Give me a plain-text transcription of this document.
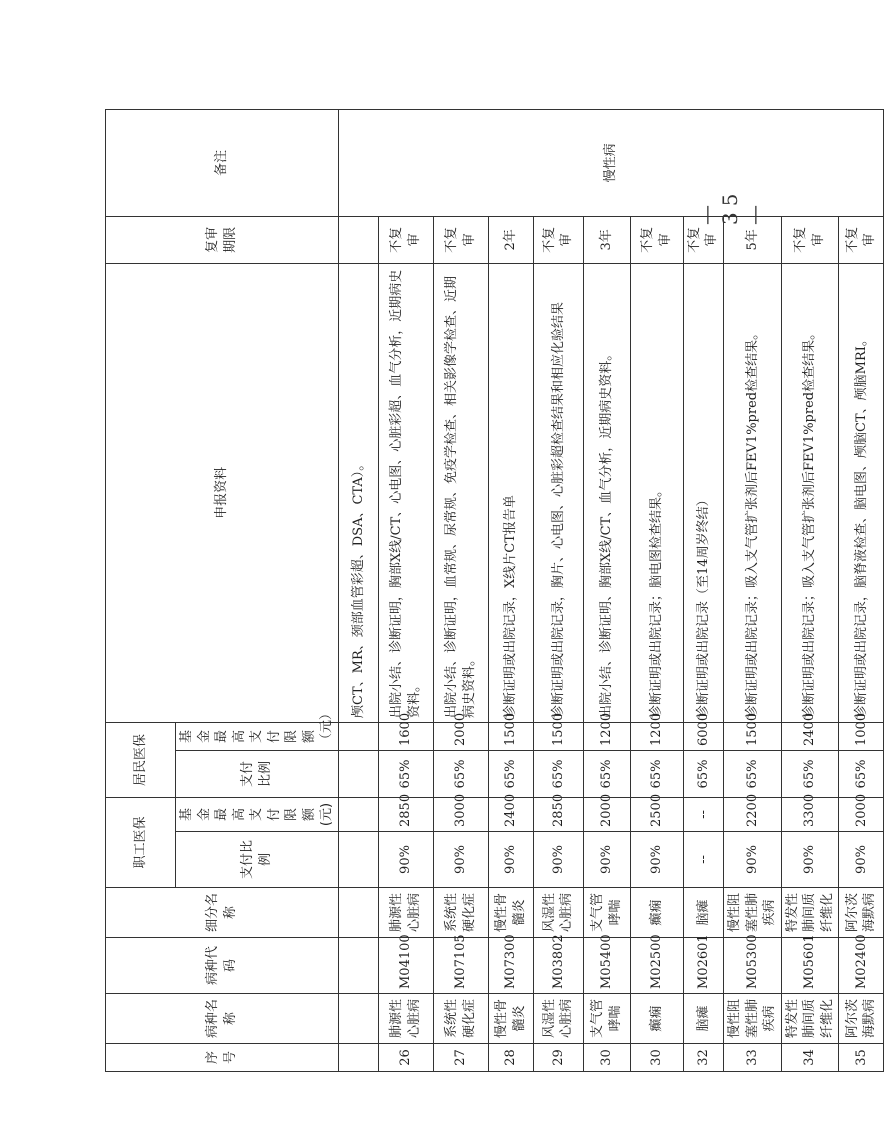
序号	病种名称	病种代码	细分名称	职工医保		居民医保		申报资料	复审期限	备注
				支付比例	基金最高支付限额(元)	支付比例	基金最高支付限额（元）			
								颅CT、MR、颈部血管彩超、DSA、CTA）。		慢性病
26	肺源性心脏病	M04100	肺源性心脏病	90%	2850	65%	1600	出院小结、诊断证明，胸部X线/CT、心电图、心脏彩超、血气分析，近期病史资料。	不复审	
27	系统性硬化症	M07105	系统性硬化症	90%	3000	65%	2000	出院小结、诊断证明，血常规、尿常规、免疫学检查、相关影像学检查、近期病史资料。	不复审	
28	慢性骨髓炎	M07300	慢性骨髓炎	90%	2400	65%	1500	诊断证明或出院记录，X线片CT报告单	2年	
29	风湿性心脏病	M03802	风湿性心脏病	90%	2850	65%	1500	诊断证明或出院记录，胸片、心电图、心脏彩超检查结果和相应化验结果	不复审	
30	支气管哮喘	M05400	支气管哮喘	90%	2000	65%	1200	出院小结、诊断证明、胸部X线/CT、血气分析，近期病史资料。	3年	
30	癫痫	M02500	癫痫	90%	2500	65%	1200	诊断证明或出院记录；脑电图检查结果。	不复审	
32	脑瘫	M02601	脑瘫	--	--	65%	6000	诊断证明或出院记录（至14周岁终结）	不复审	
33	慢性阻塞性肺疾病	M05300	慢性阻塞性肺疾病	90%	2200	65%	1500	诊断证明或出院记录；吸入支气管扩张剂后FEV1%pred检查结果。	5年	
34	特发性肺间质纤维化	M05601	特发性肺间质纤维化	90%	3300	65%	2400	诊断证明或出院记录；吸入支气管扩张剂后FEV1%pred检查结果。	不复审	
35	阿尔茨海默病	M02400	阿尔茨海默病	90%	2000	65%	1000	诊断证明或出院记录，脑脊液检查、脑电图、颅脑CT、颅脑MRI。	不复审	
— 35 —
